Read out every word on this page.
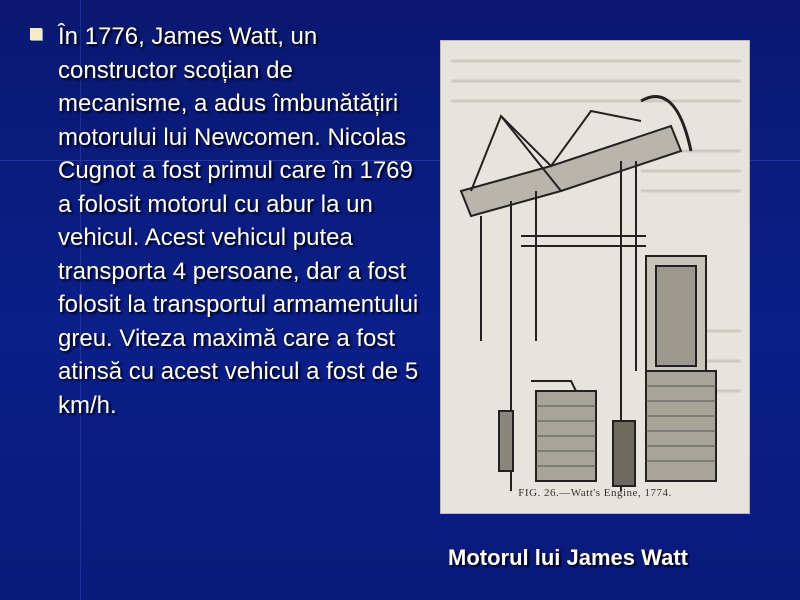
În 1776, James Watt, un constructor scoțian de mecanisme, a adus îmbunătățiri motorului lui Newcomen. Nicolas Cugnot a fost primul care în 1769 a folosit motorul cu abur la un vehicul. Acest vehicul putea transporta 4 persoane, dar a fost folosit la transportul armamentului greu. Viteza maximă care a fost atinsă cu acest vehicul a fost de 5 km/h.
FIG. 26.—Watt's Engine, 1774.
Motorul lui James Watt
